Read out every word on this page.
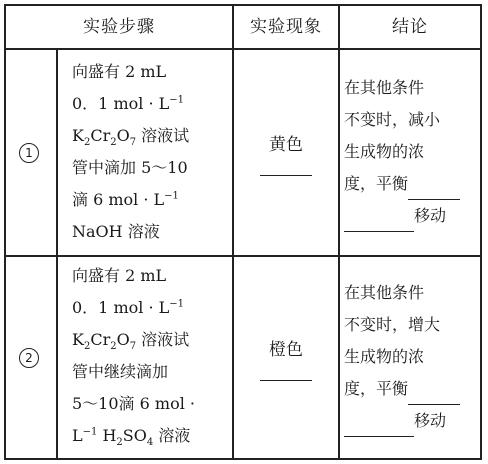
实验步骤	实验现象	结论
1
向盛有 2 mL
0．1 mol · $L^{-1}$
$K_2Cr_2O_7$ 溶液试
管中滴加 5～10
滴 6 mol · $L^{-1}$
NaOH 溶液
黄色
在其他条件
不变时，减小
生成物的浓
度，平衡
移动
2
向盛有 2 mL
0．1 mol · $L^{-1}$
$K_2Cr_2O_7$ 溶液试
管中继续滴加
5～10滴 6 mol ·
$L^{-1}$ $H_2SO_4$ 溶液
橙色
在其他条件
不变时，增大
生成物的浓
度，平衡
移动
